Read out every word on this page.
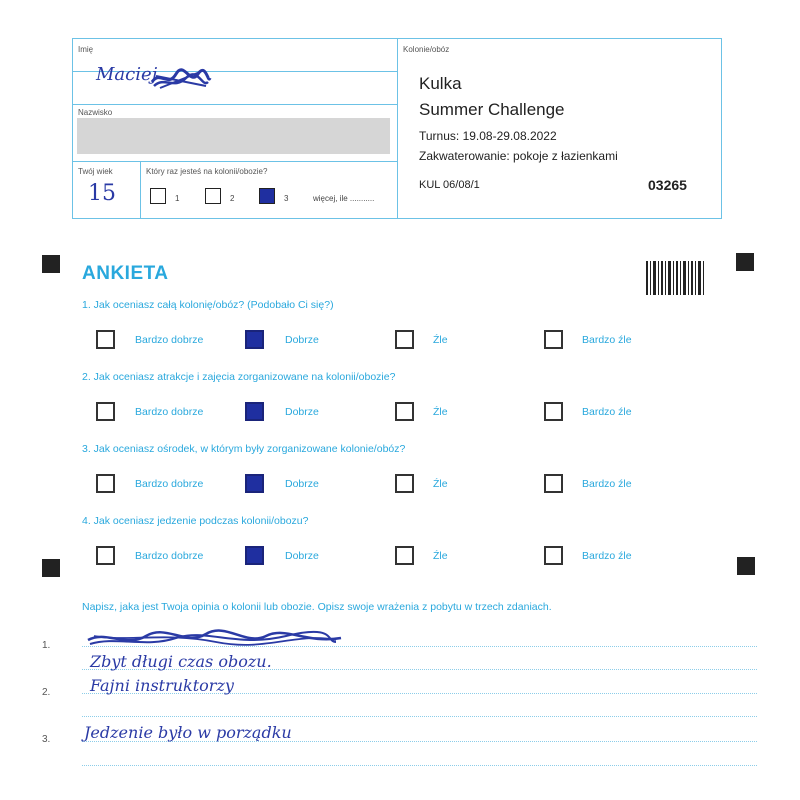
Imię
Maciej
Nazwisko
Twój wiek
15
Który raz jesteś na kolonii/obozie?
1	2	3	więcej, ile ...........
Kolonie/obóz
Kulka
Summer Challenge
Turnus: 19.08-29.08.2022
Zakwaterowanie: pokoje z łazienkami
KUL 06/08/1	03265
ANKIETA
1. Jak oceniasz całą kolonię/obóz? (Podobało Ci się?)
Bardzo dobrze	Dobrze	Źle	Bardzo źle
2. Jak oceniasz atrakcje i zajęcia zorganizowane na kolonii/obozie?
Bardzo dobrze	Dobrze	Źle	Bardzo źle
3. Jak oceniasz ośrodek, w którym były zorganizowane kolonie/obóz?
Bardzo dobrze	Dobrze	Źle	Bardzo źle
4. Jak oceniasz jedzenie podczas kolonii/obozu?
Bardzo dobrze	Dobrze	Źle	Bardzo źle
Napisz, jaka jest Twoja opinia o kolonii lub obozie. Opisz swoje wrażenia z pobytu w trzech zdaniach.
1.
2.
3.
Zbyt długi czas obozu.
Fajni instruktorzy
Jedzenie było w porządku
